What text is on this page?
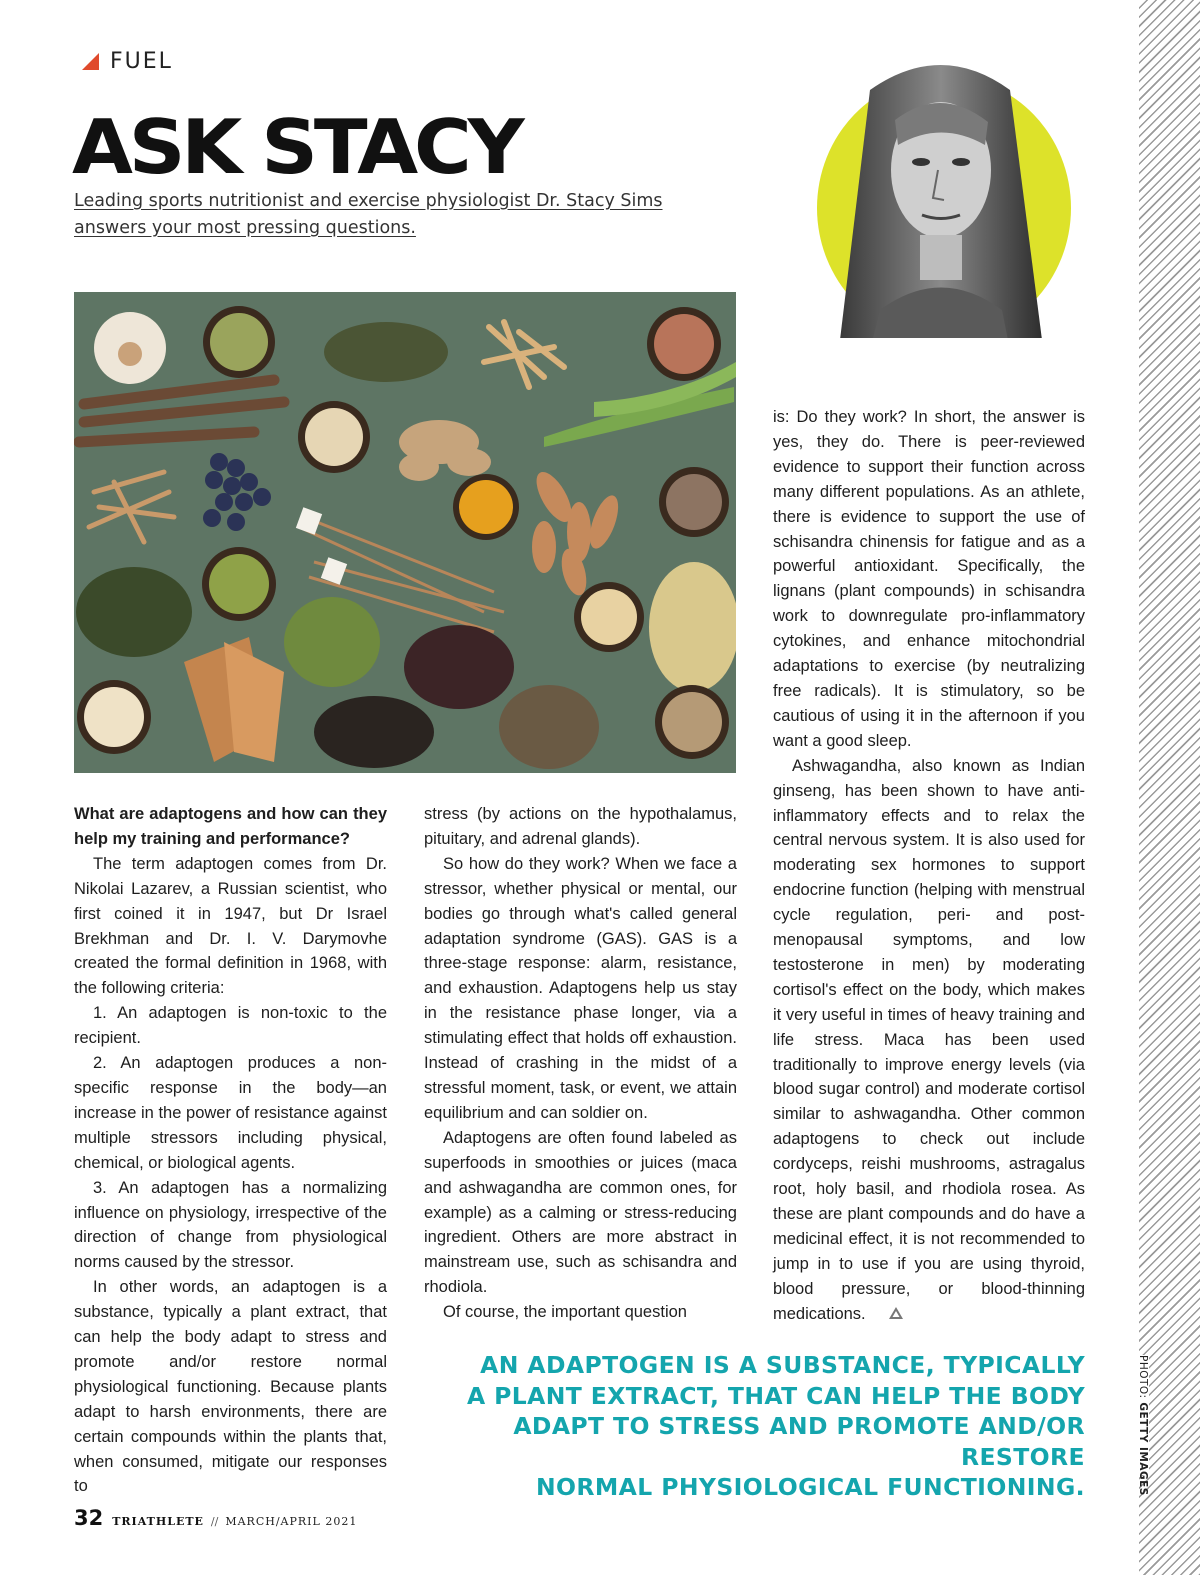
PHOTO: GETTY IMAGES
FUEL
ASK STACY
Leading sports nutritionist and exercise physiologist Dr. Stacy Sims answers your most pressing questions.

What are adaptogens and how can they help my training and performance?

The term adaptogen comes from Dr. Nikolai Lazarev, a Russian scientist, who first coined it in 1947, but Dr Israel Brekhman and Dr. I. V. Darymovhe created the formal definition in 1968, with the following criteria:

1. An adaptogen is non-toxic to the recipient.

2. An adaptogen produces a non-specific response in the body—an increase in the power of resistance against multiple stressors including physical, chemical, or biological agents.

3. An adaptogen has a normalizing influence on physiology, irrespective of the direction of change from physiological norms caused by the stressor.

In other words, an adaptogen is a substance, typically a plant extract, that can help the body adapt to stress and promote and/or restore normal physiological functioning. Because plants adapt to harsh environments, there are certain compounds within the plants that, when consumed, mitigate our responses to

stress (by actions on the hypothalamus, pituitary, and adrenal glands).

So how do they work? When we face a stressor, whether physical or mental, our bodies go through what's called general adaptation syndrome (GAS). GAS is a three-stage response: alarm, resistance, and exhaustion. Adaptogens help us stay in the resistance phase longer, via a stimulating effect that holds off exhaustion. Instead of crashing in the midst of a stressful moment, task, or event, we attain equilibrium and can soldier on.

Adaptogens are often found labeled as superfoods in smoothies or juices (maca and ashwagandha are common ones, for example) as a calming or stress-reducing ingredient. Others are more abstract in mainstream use, such as schisandra and rhodiola.

Of course, the important question

is: Do they work? In short, the answer is yes, they do. There is peer-reviewed evidence to support their function across many different populations. As an athlete, there is evidence to support the use of schisandra chinensis for fatigue and as a powerful antioxidant. Specifically, the lignans (plant compounds) in schisandra work to downregulate pro-inflammatory cytokines, and enhance mitochondrial adaptations to exercise (by neutralizing free radicals). It is stimulatory, so be cautious of using it in the afternoon if you want a good sleep.

Ashwagandha, also known as Indian ginseng, has been shown to have anti-inflammatory effects and to relax the central nervous system. It is also used for moderating sex hormones to support endocrine function (helping with menstrual cycle regulation, peri- and post-menopausal symptoms, and low testosterone in men) by moderating cortisol's effect on the body, which makes it very useful in times of heavy training and life stress. Maca has been used traditionally to improve energy levels (via blood sugar control) and moderate cortisol similar to ashwagandha. Other common adaptogens to check out include cordyceps, reishi mushrooms, astragalus root, holy basil, and rhodiola rosea. As these are plant compounds and do have a medicinal effect, it is not recommended to jump in to use if you are using thyroid, blood pressure, or blood-thinning medications.

AN ADAPTOGEN IS A SUBSTANCE, TYPICALLY
A PLANT EXTRACT, THAT CAN HELP THE BODY
ADAPT TO STRESS AND PROMOTE AND/OR RESTORE
NORMAL PHYSIOLOGICAL FUNCTIONING.
32 TRIATHLETE // MARCH/APRIL 2021
